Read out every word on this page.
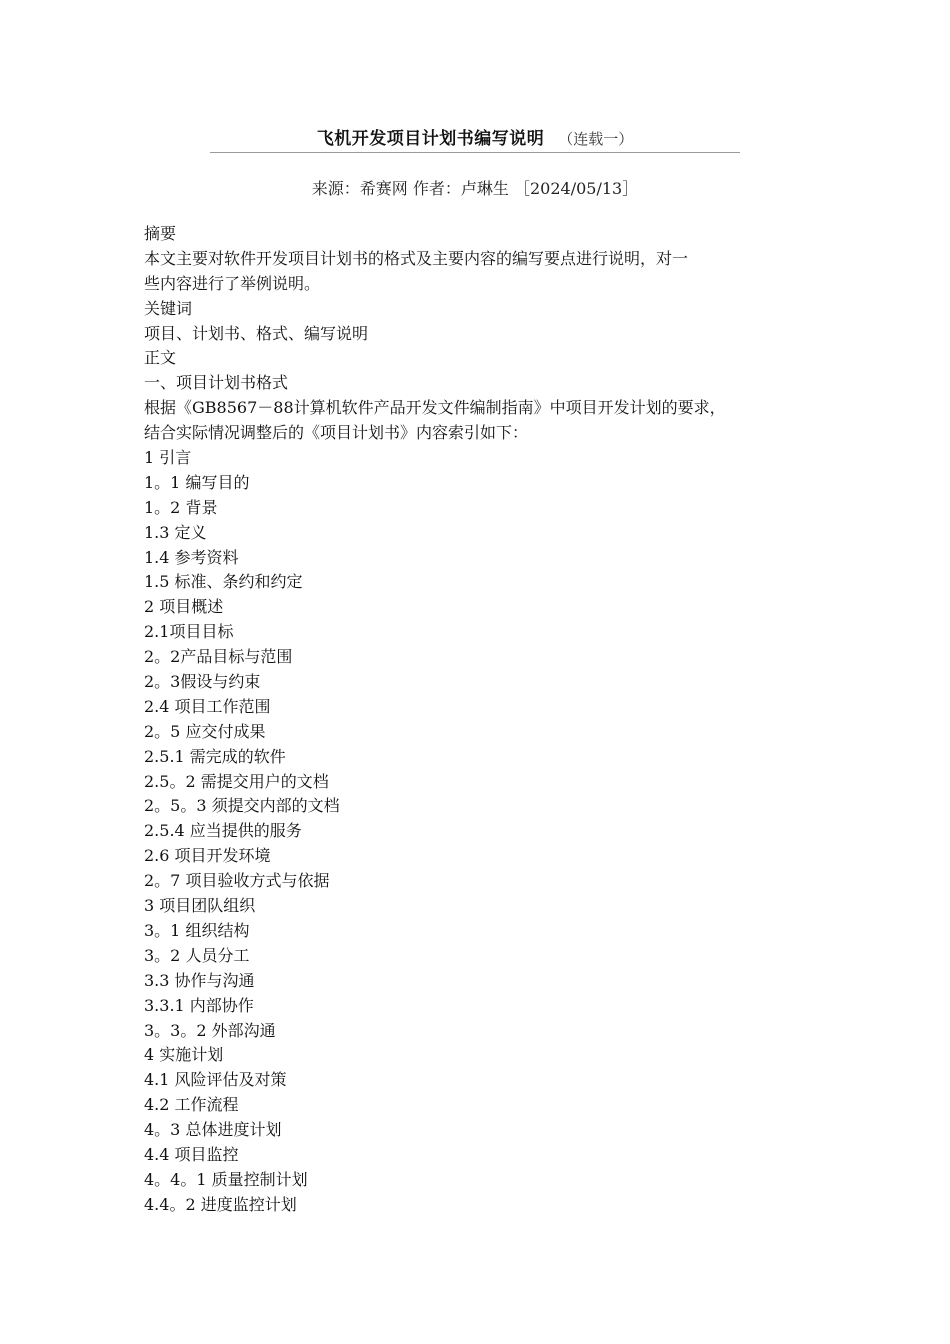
飞机开发项目计划书编写说明 （连载一）
来源：希赛网 作者：卢琳生 ［2024/05/13］
摘要
本文主要对软件开发项目计划书的格式及主要内容的编写要点进行说明，对一
些内容进行了举例说明。
关键词
项目、计划书、格式、编写说明
正文
一、项目计划书格式
根据《GB8567－88计算机软件产品开发文件编制指南》中项目开发计划的要求，
结合实际情况调整后的《项目计划书》内容索引如下：
1 引言
1。1 编写目的
1。2 背景
1.3 定义
1.4 参考资料
1.5 标准、条约和约定
2 项目概述
2.1项目目标
2。2产品目标与范围
2。3假设与约束
2.4 项目工作范围
2。5 应交付成果
2.5.1 需完成的软件
2.5。2 需提交用户的文档
2。5。3 须提交内部的文档
2.5.4 应当提供的服务
2.6 项目开发环境
2。7 项目验收方式与依据
3 项目团队组织
3。1 组织结构
3。2 人员分工
3.3 协作与沟通
3.3.1 内部协作
3。3。2 外部沟通
4 实施计划
4.1 风险评估及对策
4.2 工作流程
4。3 总体进度计划
4.4 项目监控
4。4。1 质量控制计划
4.4。2 进度监控计划
